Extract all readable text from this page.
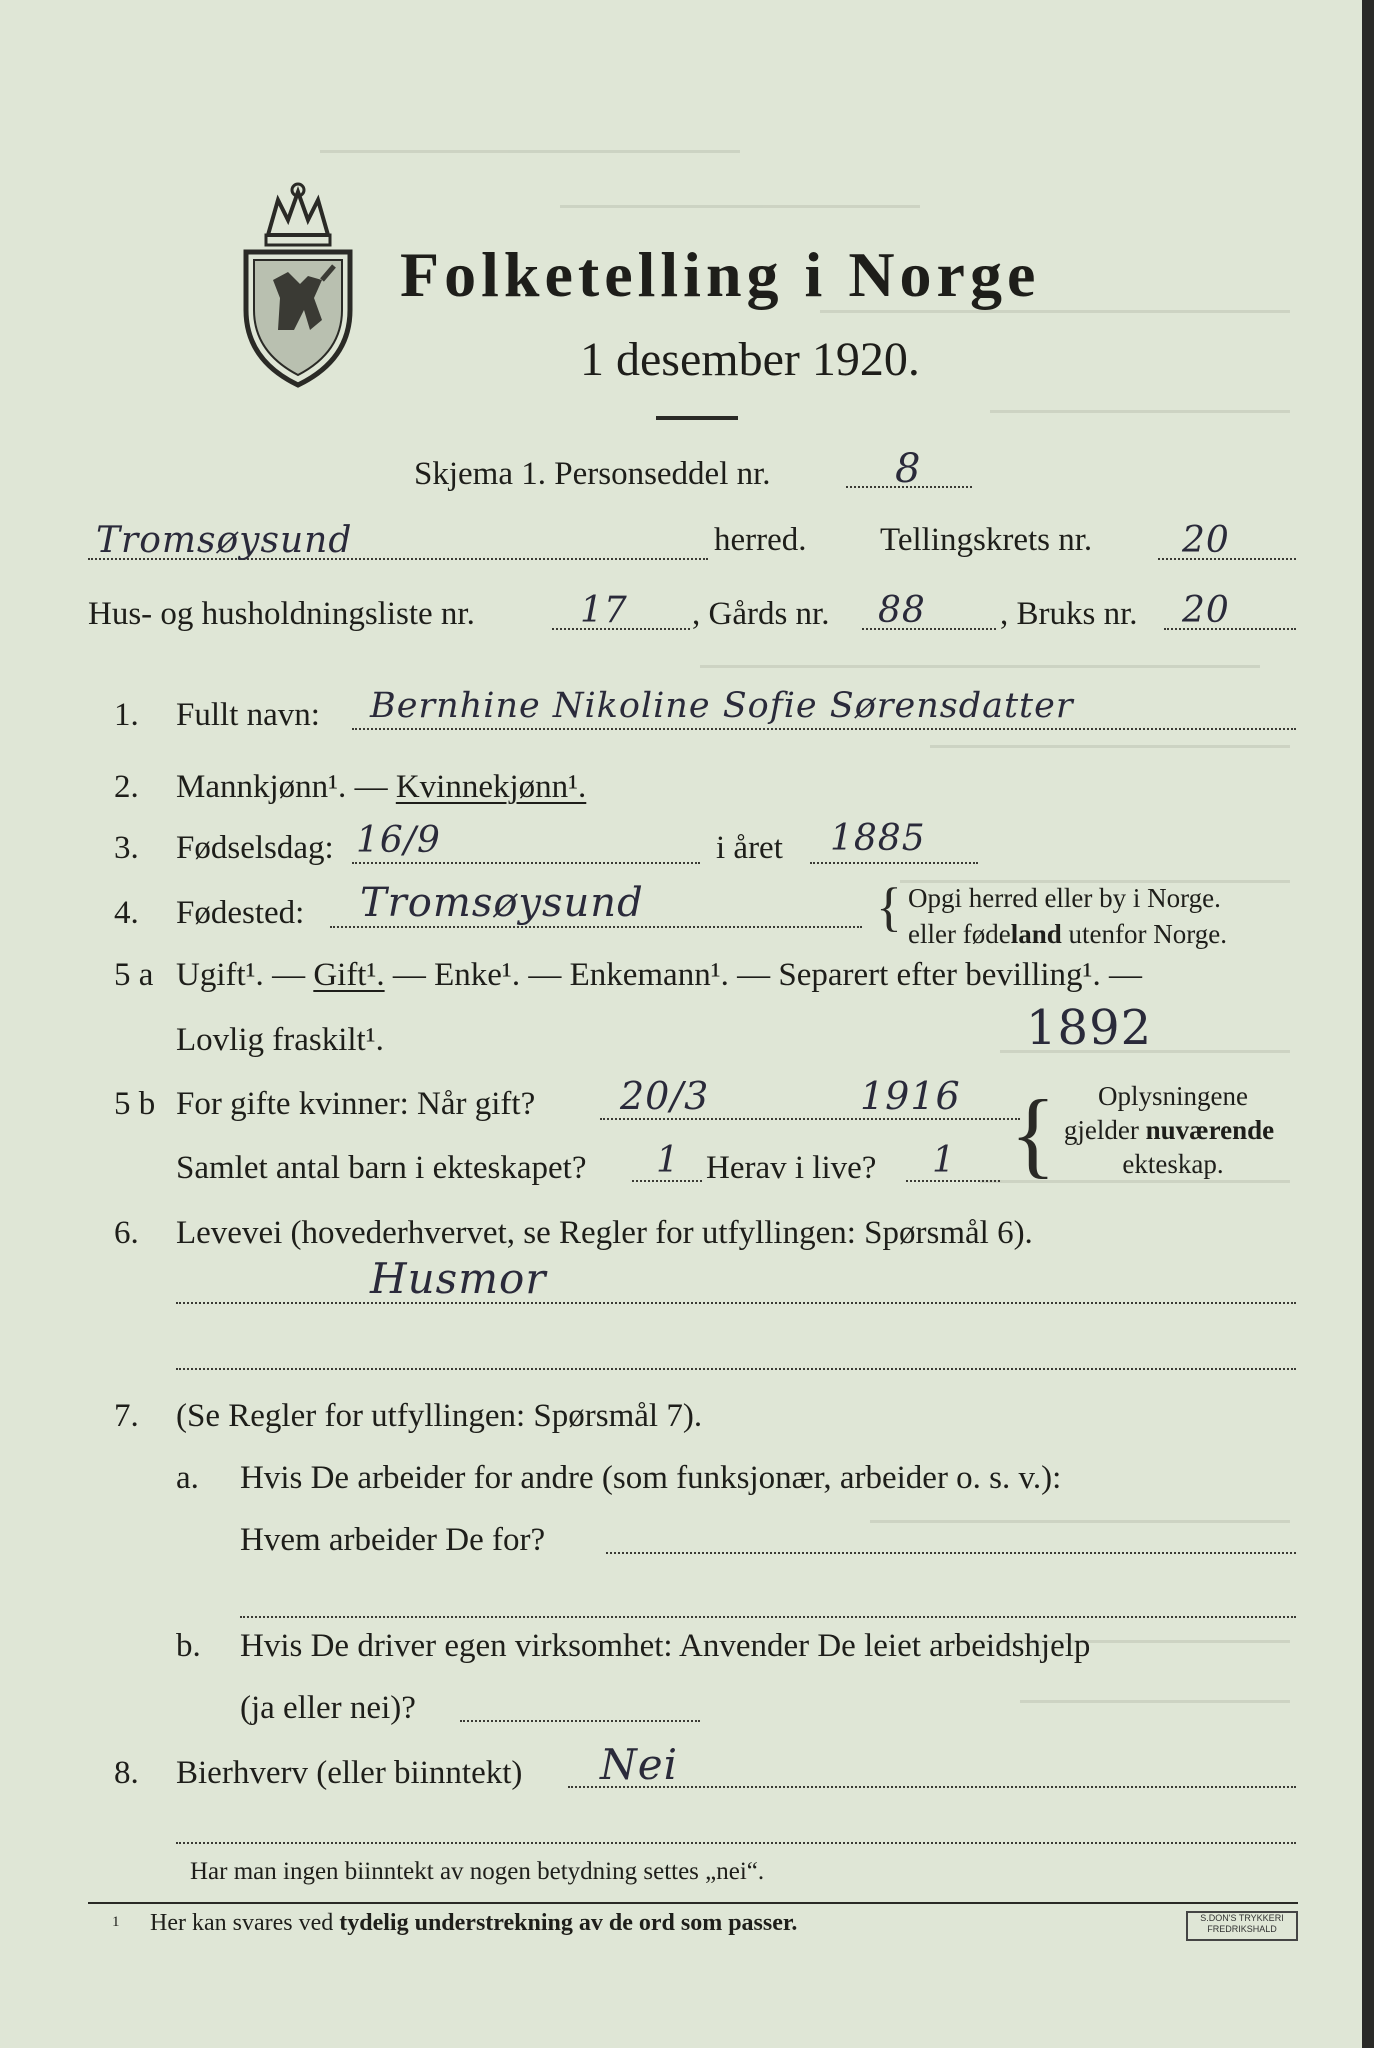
Folketelling i Norge
1 desember 1920.
Skjema 1. Personseddel nr.	8
Tromsøysund	herred. Tellingskrets nr. 20
Hus- og husholdningsliste nr.	17 , Gårds nr. 88 , Bruks nr. 20
1. Fullt navn: Bernhine Nikoline Sofie Sørensdatter
2. Mannkjønn¹. — Kvinnekjønn¹.
3. Fødselsdag: 16/9	i året 1885
4. Fødested: Tromsøysund	{ Opgi herred eller by i Norge.
eller fødeland utenfor Norge.
5 a Ugift¹. — Gift¹. — Enke¹. — Enkemann¹. — Separert efter bevilling¹. —
Lovlig fraskilt¹.	1892
5 b For gifte kvinner: Når gift? 20/3	1916
Samlet antal barn i ekteskapet? 1 Herav i live? 1 {	Oplysningene
gjelder nuværende
ekteskap.
6. Levevei (hovederhvervet, se Regler for utfyllingen: Spørsmål 6).
Husmor
7. (Se Regler for utfyllingen: Spørsmål 7).
a. Hvis De arbeider for andre (som funksjonær, arbeider o. s. v.):
Hvem arbeider De for?
b. Hvis De driver egen virksomhet: Anvender De leiet arbeidshjelp
(ja eller nei)?
8. Bierhverv (eller biinntekt) Nei
Har man ingen biinntekt av nogen betydning settes „nei“.
1 Her kan svares ved tydelig understrekning av de ord som passer.	S.DON'S TRYKKERI
FREDRIKSHALD
